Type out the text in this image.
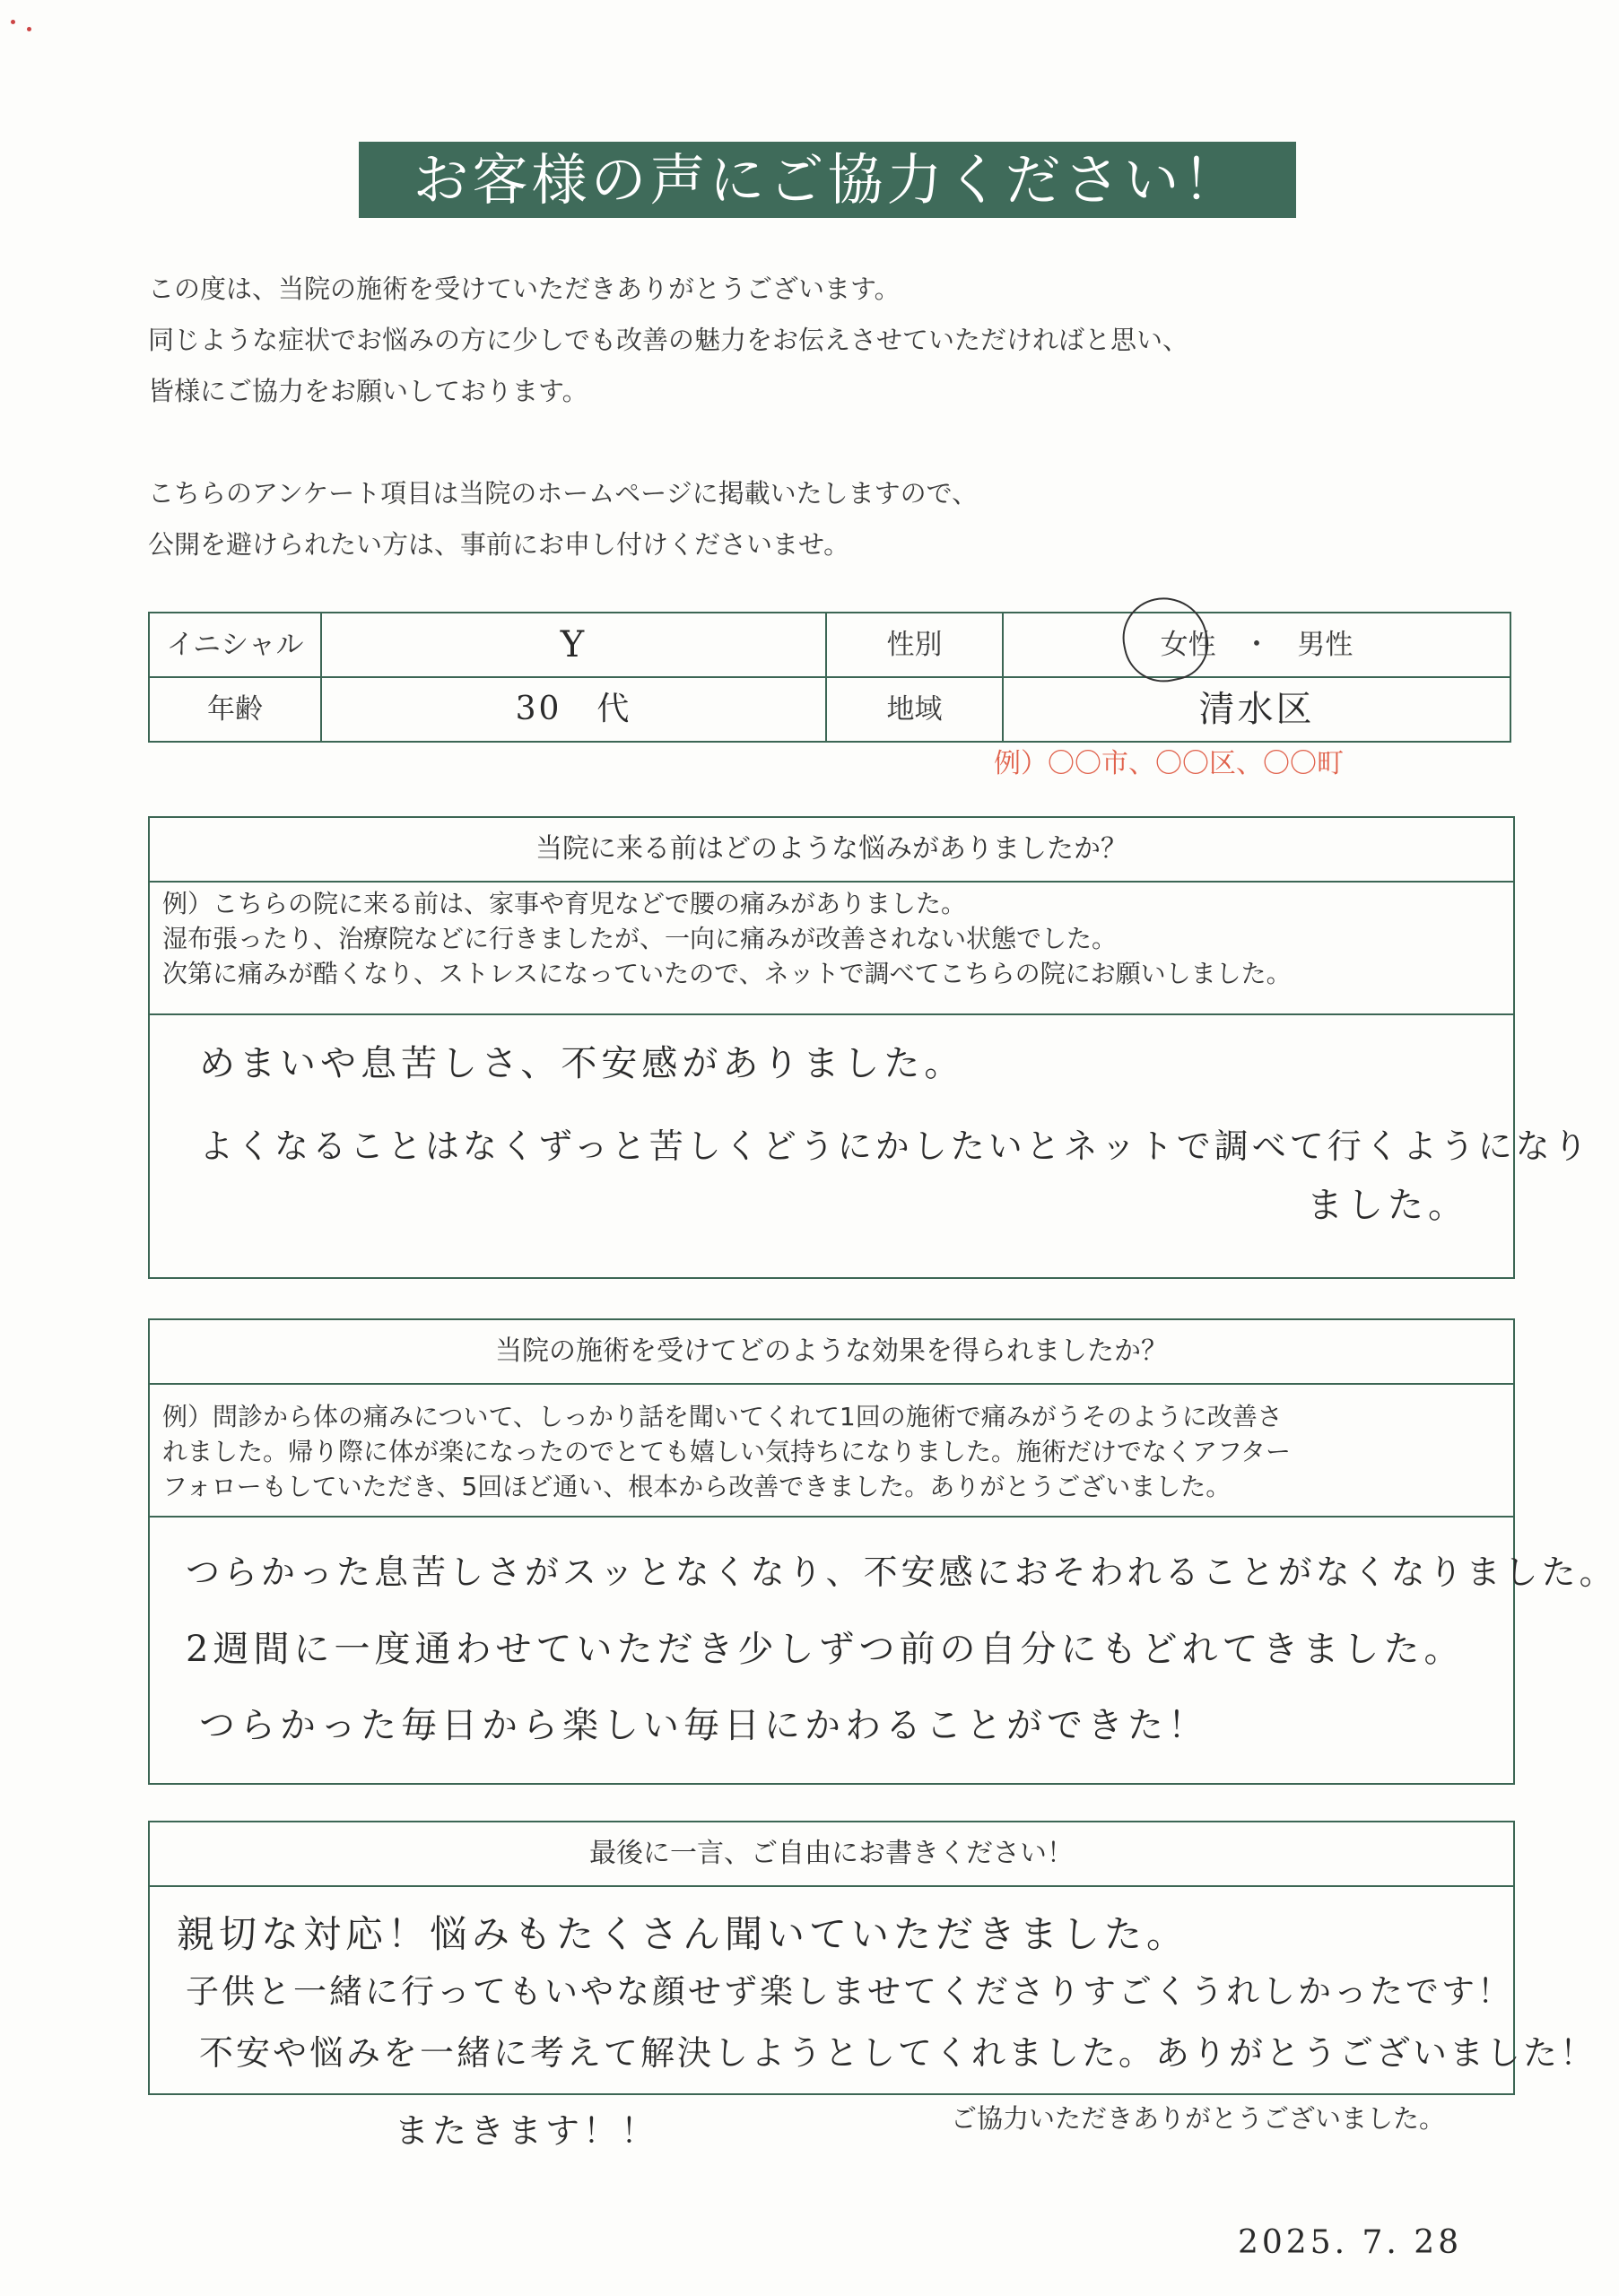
お客様の声にご協力ください！

この度は、当院の施術を受けていただきありがとうございます。

同じような症状でお悩みの方に少しでも改善の魅力をお伝えさせていただければと思い、

皆様にご協力をお願いしております。

こちらのアンケート項目は当院のホームページに掲載いたしますので、

公開を避けられたい方は、事前にお申し付けくださいませ。

イニシャル	Y	性別	女性 ・ 男性
年齢	30　代	地域	清水区
例）〇〇市、〇〇区、〇〇町
当院に来る前はどのような悩みがありましたか？
例）こちらの院に来る前は、家事や育児などで腰の痛みがありました。
湿布張ったり、治療院などに行きましたが、一向に痛みが改善されない状態でした。
次第に痛みが酷くなり、ストレスになっていたので、ネットで調べてこちらの院にお願いしました。
めまいや息苦しさ、不安感がありました。
よくなることはなくずっと苦しくどうにかしたいとネットで調べて行くようになり
ました。
当院の施術を受けてどのような効果を得られましたか？
例）問診から体の痛みについて、しっかり話を聞いてくれて1回の施術で痛みがうそのように改善さ
れました。帰り際に体が楽になったのでとても嬉しい気持ちになりました。施術だけでなくアフター
フォローもしていただき、5回ほど通い、根本から改善できました。ありがとうございました。
つらかった息苦しさがスッとなくなり、不安感におそわれることがなくなりました。
2週間に一度通わせていただき少しずつ前の自分にもどれてきました。
つらかった毎日から楽しい毎日にかわることができた！
最後に一言、ご自由にお書きください！
親切な対応！悩みもたくさん聞いていただきました。
子供と一緒に行ってもいやな顔せず楽しませてくださりすごくうれしかったです！
不安や悩みを一緒に考えて解決しようとしてくれました。ありがとうございました！
またきます！！	ご協力いただきありがとうございました。
2025. 7. 28
